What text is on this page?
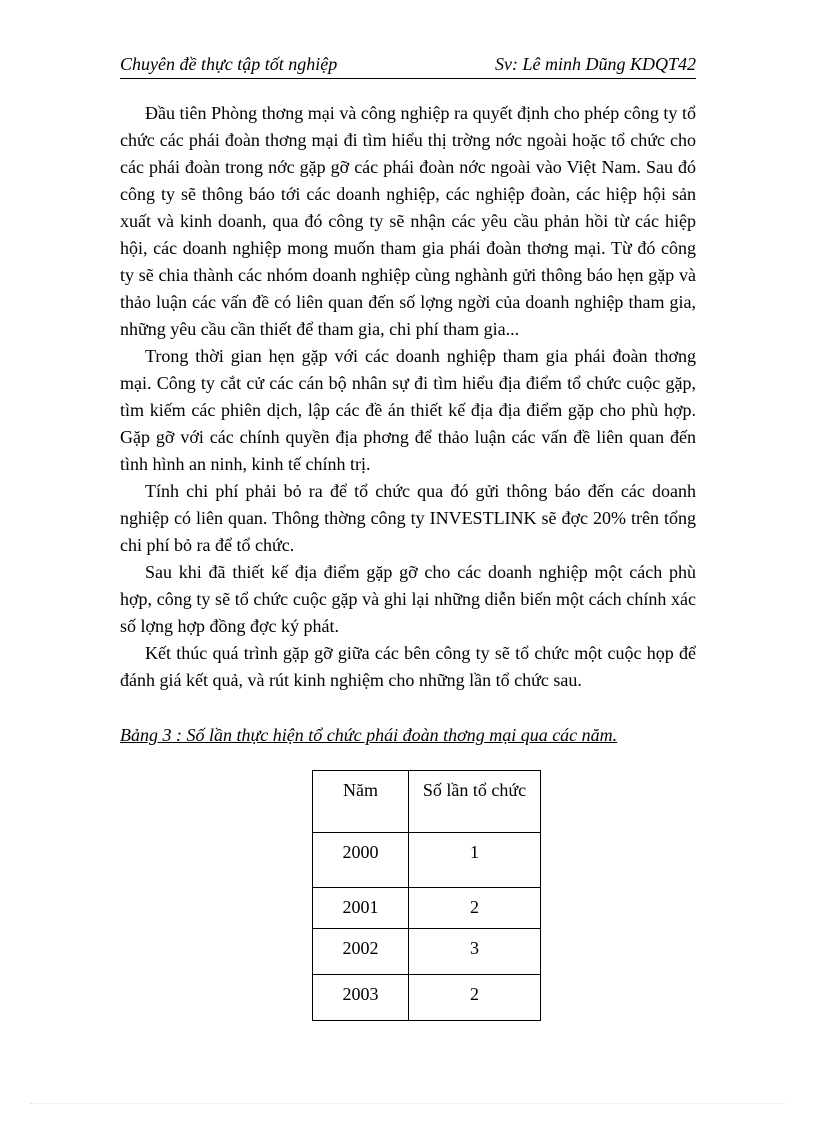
Chuyên đề thực tập tốt nghiệp	Sv: Lê minh Dũng KDQT42

Đầu tiên Phòng thơng mại và công nghiệp ra quyết định cho phép công ty tổ chức các phái đoàn thơng mại đi tìm hiểu thị trờng nớc ngoài hoặc tổ chức cho các phái đoàn trong nớc gặp gỡ các phái đoàn nớc ngoài vào Việt Nam. Sau đó công ty sẽ thông báo tới các doanh nghiệp, các nghiệp đoàn, các hiệp hội sản xuất và kinh doanh, qua đó công ty sẽ nhận các yêu cầu phản hồi từ các hiệp hội, các doanh nghiệp mong muốn tham gia phái đoàn thơng mại. Từ đó công ty sẽ chia thành các nhóm doanh nghiệp cùng nghành gửi thông báo hẹn gặp và thảo luận các vấn đề có liên quan đến số lợng ngời của doanh nghiệp tham gia, những yêu cầu cần thiết để tham gia, chi phí tham gia...

Trong thời gian hẹn gặp với các doanh nghiệp tham gia phái đoàn thơng mại. Công ty cắt cử các cán bộ nhân sự đi tìm hiểu địa điểm tổ chức cuộc gặp, tìm kiếm các phiên dịch, lập các đề án thiết kế địa địa điểm gặp cho phù hợp. Gặp gỡ với các chính quyền địa phơng để thảo luận các vấn đề liên quan đến tình hình an ninh, kinh tế chính trị.

Tính chi phí phải bỏ ra để tổ chức qua đó gửi thông báo đến các doanh nghiệp có liên quan. Thông thờng công ty INVESTLINK sẽ đợc 20% trên tổng chi phí bỏ ra để tổ chức.

Sau khi đã thiết kế địa điểm gặp gỡ cho các doanh nghiệp một cách phù hợp, công ty sẽ tổ chức cuộc gặp và ghi lại những diễn biến một cách chính xác số lợng hợp đồng đợc ký phát.

Kết thúc quá trình gặp gỡ giữa các bên công ty sẽ tổ chức một cuộc họp để đánh giá kết quả, và rút kinh nghiệm cho những lần tổ chức sau.

Bảng 3 : Số lần thực hiện tổ chức phái đoàn thơng mại qua các năm.
Năm	Số lần tổ chức

2000	1

2001	2

2002	3

2003	2
